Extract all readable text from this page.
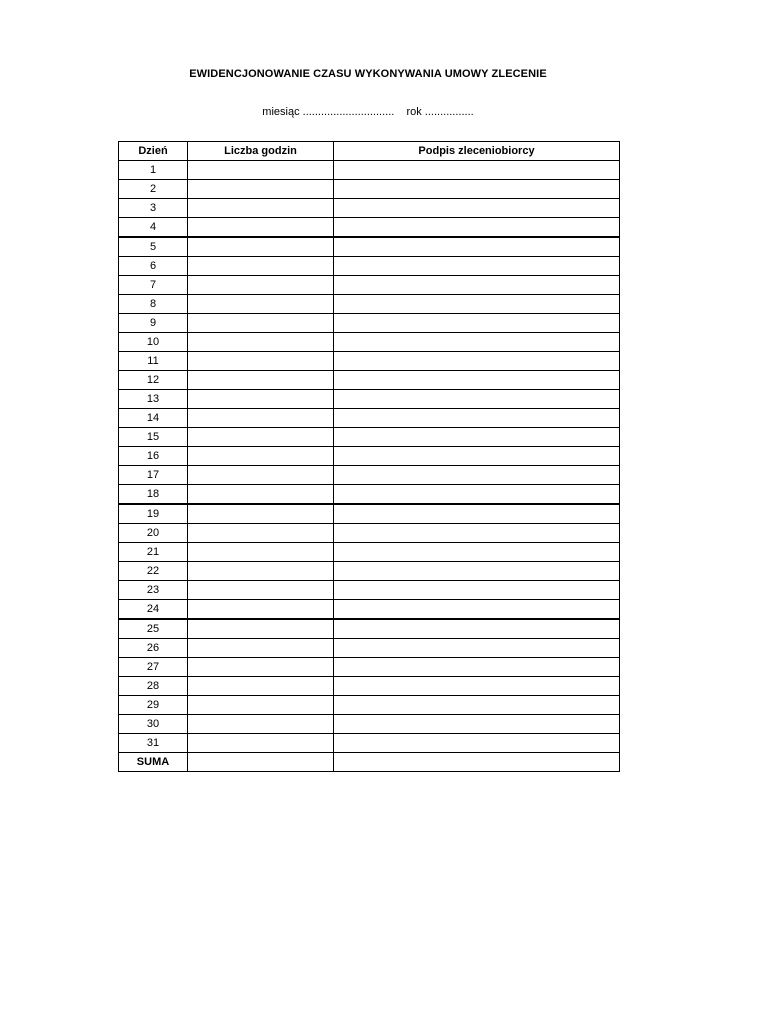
EWIDENCJONOWANIE CZASU WYKONYWANIA UMOWY ZLECENIE
miesiąc .............................. rok ................
Dzień	Liczba godzin	Podpis zleceniobiorcy
1		
2		
3		
4		
5		
6		
7		
8		
9		
10		
11		
12		
13		
14		
15		
16		
17		
18		
19		
20		
21		
22		
23		
24		
25		
26		
27		
28		
29		
30		
31		
SUMA		
